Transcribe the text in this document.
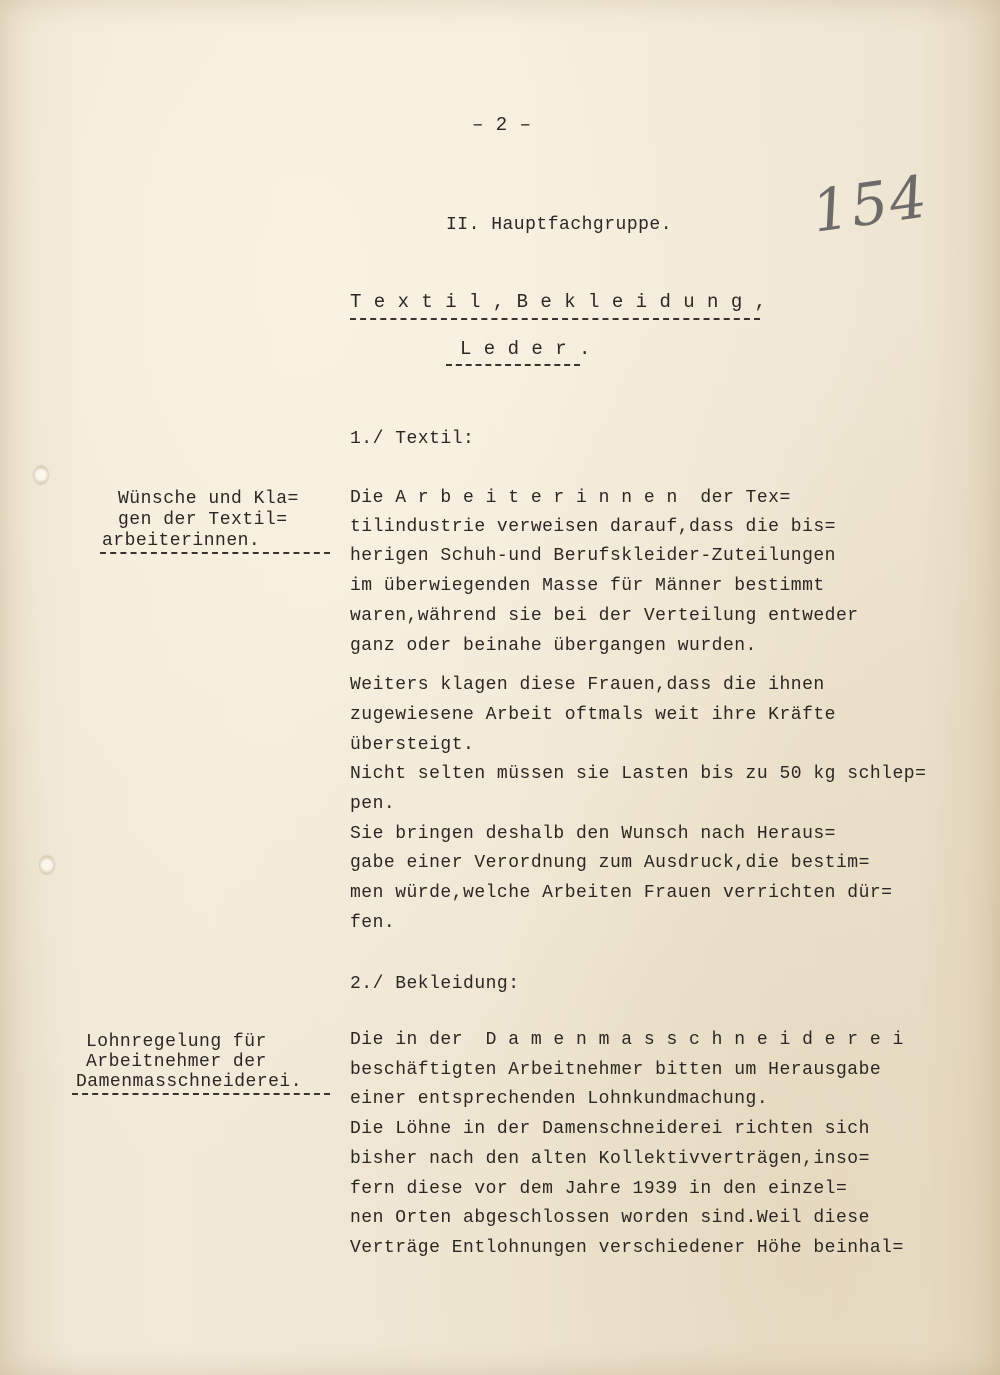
– 2 –
154
II. Hauptfachgruppe.
T e x t i l , B e k l e i d u n g ,
L e d e r .
1./ Textil:
Wünsche und Kla=
gen der Textil=
arbeiterinnen.
Die A r b e i t e r i n n e n  der Tex=
tilindustrie verweisen darauf,dass die bis=
herigen Schuh-und Berufskleider-Zuteilungen
im überwiegenden Masse für Männer bestimmt
waren,während sie bei der Verteilung entweder
ganz oder beinahe übergangen wurden.
Weiters klagen diese Frauen,dass die ihnen
zugewiesene Arbeit oftmals weit ihre Kräfte
übersteigt.
Nicht selten müssen sie Lasten bis zu 50 kg schlep=
pen.
Sie bringen deshalb den Wunsch nach Heraus=
gabe einer Verordnung zum Ausdruck,die bestim=
men würde,welche Arbeiten Frauen verrichten dür=
fen.
2./ Bekleidung:
Lohnregelung für
Arbeitnehmer der
Damenmasschneiderei.
Die in der  D a m e n m a s s c h n e i d e r e i
beschäftigten Arbeitnehmer bitten um Herausgabe
einer entsprechenden Lohnkundmachung.
Die Löhne in der Damenschneiderei richten sich
bisher nach den alten Kollektivverträgen,inso=
fern diese vor dem Jahre 1939 in den einzel=
nen Orten abgeschlossen worden sind.Weil diese
Verträge Entlohnungen verschiedener Höhe beinhal=
